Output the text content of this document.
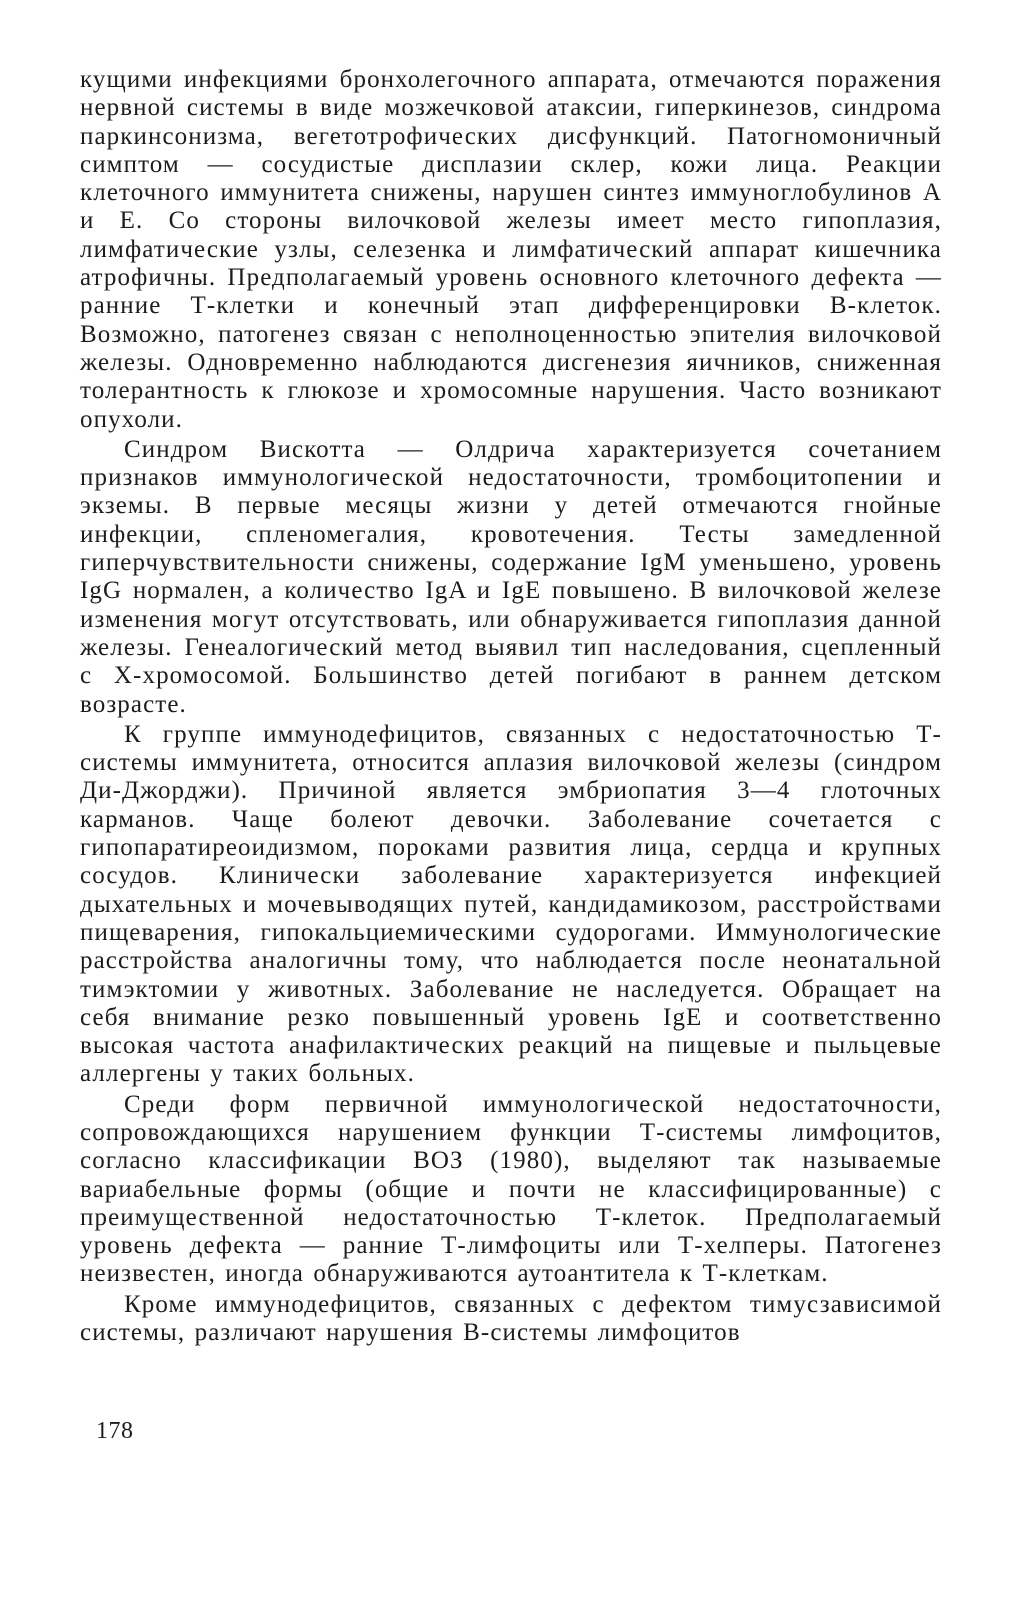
кущими инфекциями бронхолегочного аппарата, отмечаются поражения нервной системы в виде мозжечковой атаксии, гиперкинезов, синдрома паркинсонизма, вегетотрофических дисфункций. Патогномоничный симптом — сосудистые дисплазии склер, кожи лица. Реакции клеточного иммунитета снижены, нарушен синтез иммуноглобулинов А и Е. Со стороны вилочковой железы имеет место гипоплазия, лимфатические узлы, селезенка и лимфатический аппарат кишечника атрофичны. Предполагаемый уровень основного клеточного дефекта — ранние Т-клетки и конечный этап дифференцировки В-клеток. Возможно, патогенез связан с неполноценностью эпителия вилочковой железы. Одновременно наблюдаются дисгенезия яичников, сниженная толерантность к глюкозе и хромосомные нарушения. Часто возникают опухоли.

Синдром Вискотта — Олдрича характеризуется сочетанием признаков иммунологической недостаточности, тромбоцитопении и экземы. В первые месяцы жизни у детей отмечаются гнойные инфекции, спленомегалия, кровотечения. Тесты замедленной гиперчувствительности снижены, содержание IgM уменьшено, уровень IgG нормален, а количество IgA и IgE повышено. В вилочковой железе изменения могут отсутствовать, или обнаруживается гипоплазия данной железы. Генеалогический метод выявил тип наследования, сцепленный с Х-хромосомой. Большинство детей погибают в раннем детском возрасте.

К группе иммунодефицитов, связанных с недостаточностью Т-системы иммунитета, относится аплазия вилочковой железы (синдром Ди-Джорджи). Причиной является эмбриопатия 3—4 глоточных карманов. Чаще болеют девочки. Заболевание сочетается с гипопаратиреоидизмом, пороками развития лица, сердца и крупных сосудов. Клинически заболевание характеризуется инфекцией дыхательных и мочевыводящих путей, кандидамикозом, расстройствами пищеварения, гипокальциемическими судорогами. Иммунологические расстройства аналогичны тому, что наблюдается после неонатальной тимэктомии у животных. Заболевание не наследуется. Обращает на себя внимание резко повышенный уровень IgE и соответственно высокая частота анафилактических реакций на пищевые и пыльцевые аллергены у таких больных.

Среди форм первичной иммунологической недостаточности, сопровождающихся нарушением функции Т-системы лимфоцитов, согласно классификации ВОЗ (1980), выделяют так называемые вариабельные формы (общие и почти не классифицированные) с преимущественной недостаточностью Т-клеток. Предполагаемый уровень дефекта — ранние Т-лимфоциты или Т-хелперы. Патогенез неизвестен, иногда обнаруживаются аутоантитела к Т-клеткам.

Кроме иммунодефицитов, связанных с дефектом тимусзависимой системы, различают нарушения В-системы лимфоцитов

178
